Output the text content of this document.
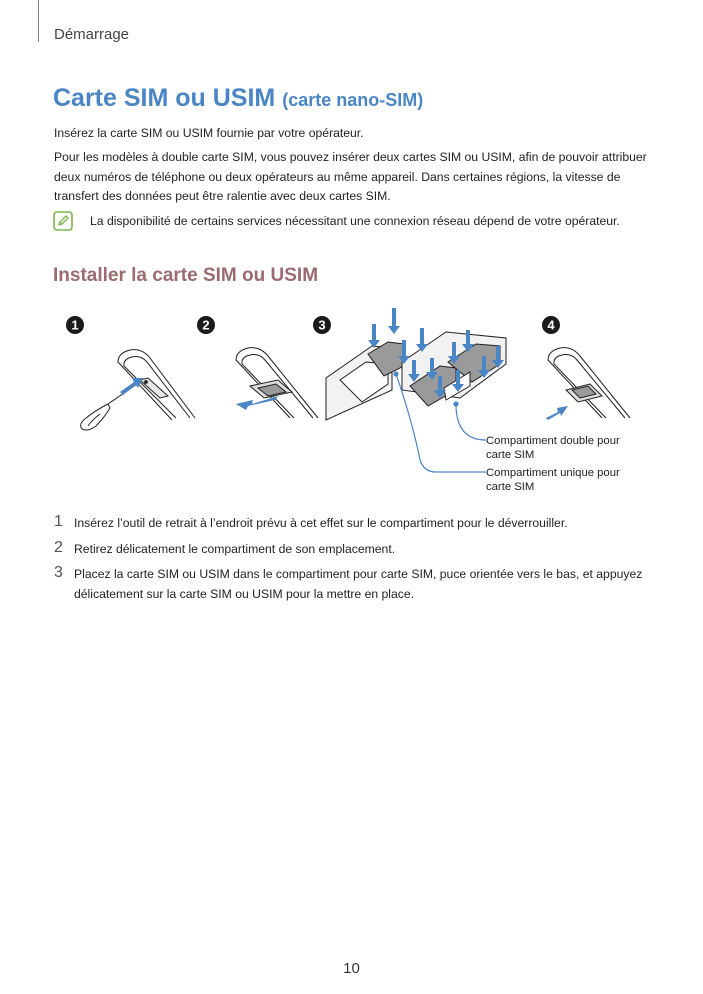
Démarrage
Carte SIM ou USIM (carte nano-SIM)

Insérez la carte SIM ou USIM fournie par votre opérateur.

Pour les modèles à double carte SIM, vous pouvez insérer deux cartes SIM ou USIM, afin de pouvoir attribuer deux numéros de téléphone ou deux opérateurs au même appareil. Dans certaines régions, la vitesse de transfert des données peut être ralentie avec deux cartes SIM.

La disponibilité de certains services nécessitant une connexion réseau dépend de votre opérateur.

Installer la carte SIM ou USIM
1	2	3	4

Compartiment double pour carte SIM

Compartiment unique pour carte SIM

1 Insérez l’outil de retrait à l’endroit prévu à cet effet sur le compartiment pour le déverrouiller.
2 Retirez délicatement le compartiment de son emplacement.
3 Placez la carte SIM ou USIM dans le compartiment pour carte SIM, puce orientée vers le bas, et appuyez délicatement sur la carte SIM ou USIM pour la mettre en place.
10
